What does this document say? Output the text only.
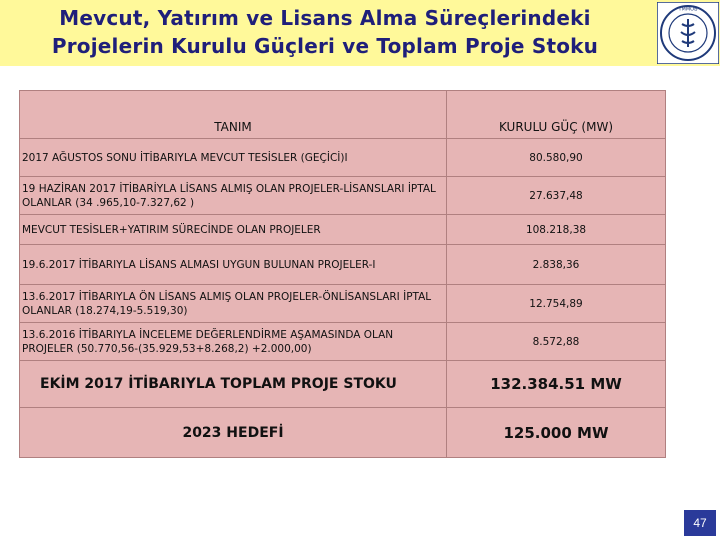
Mevcut, Yatırım ve Lisans Alma Süreçlerindeki
Projelerin Kurulu Güçleri ve Toplam Proje Stoku
TMMOB
TANIM	KURULU GÜÇ (MW)
2017 AĞUSTOS SONU İTİBARIYLA MEVCUT TESİSLER (GEÇİCİ)I	80.580,90
19 HAZİRAN 2017 İTİBARİYLA LİSANS ALMIŞ OLAN PROJELER-LİSANSLARI İPTAL OLANLAR (34 .965,10-7.327,62 )	27.637,48
MEVCUT TESİSLER+YATIRIM SÜRECİNDE OLAN PROJELER	108.218,38
19.6.2017 İTİBARIYLA LİSANS ALMASI UYGUN BULUNAN PROJELER-I	2.838,36
13.6.2017 İTİBARIYLA ÖN LİSANS ALMIŞ OLAN PROJELER-ÖNLİSANSLARI İPTAL OLANLAR (18.274,19-5.519,30)	12.754,89
13.6.2016 İTİBARIYLA İNCELEME DEĞERLENDİRME AŞAMASINDA OLAN PROJELER (50.770,56-(35.929,53+8.268,2) +2.000,00)	8.572,88
EKİM 2017 İTİBARIYLA TOPLAM PROJE STOKU	132.384.51 MW
2023 HEDEFİ	125.000 MW
47
